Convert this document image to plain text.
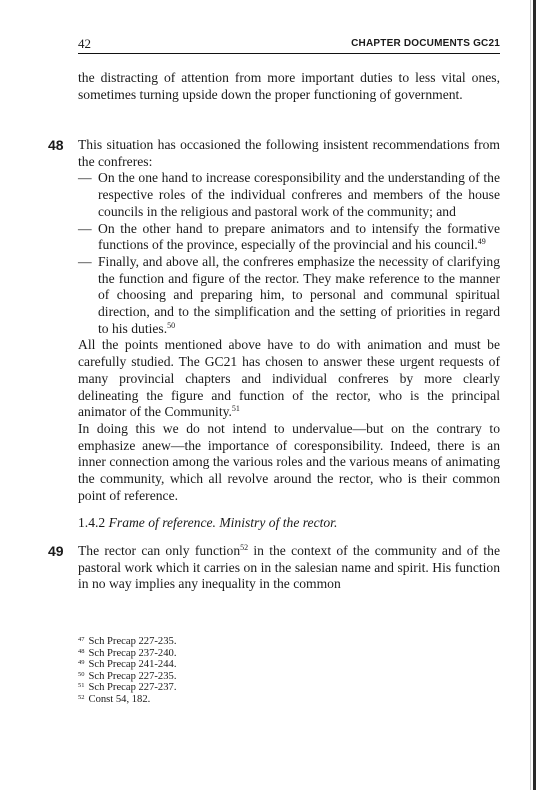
42	CHAPTER DOCUMENTS GC21

the distracting of attention from more important duties to less vital ones, sometimes turning upside down the proper functioning of government.

48 This situation has occasioned the following insistent recommendations from the confreres:

— On the one hand to increase coresponsibility and the understanding of the respective roles of the individual confreres and members of the house councils in the religious and pastoral work of the community; and
— On the other hand to prepare animators and to intensify the formative functions of the province, especially of the provincial and his council.$^{49}$
— Finally, and above all, the confreres emphasize the necessity of clarifying the function and figure of the rector. They make reference to the manner of choosing and preparing him, to personal and communal spiritual direction, and to the simplification and the setting of priorities in regard to his duties.$^{50}$

All the points mentioned above have to do with animation and must be carefully studied. The GC21 has chosen to answer these urgent requests of many provincial chapters and individual confreres by more clearly delineating the figure and function of the rector, who is the principal animator of the Community.$^{51}$

In doing this we do not intend to undervalue—but on the contrary to emphasize anew—the importance of coresponsibility. Indeed, there is an inner connection among the various roles and the various means of animating the community, which all revolve around the rector, who is their common point of reference.

1.4.2 Frame of reference. Ministry of the rector.
49 The rector can only function$^{52}$ in the context of the community and of the pastoral work which it carries on in the salesian name and spirit. His function in no way implies any inequality in the common

$^{47}$ Sch Precap 227-235.
$^{48}$ Sch Precap 237-240.
$^{49}$ Sch Precap 241-244.
$^{50}$ Sch Precap 227-235.
$^{51}$ Sch Precap 227-237.
$^{52}$ Const 54, 182.
